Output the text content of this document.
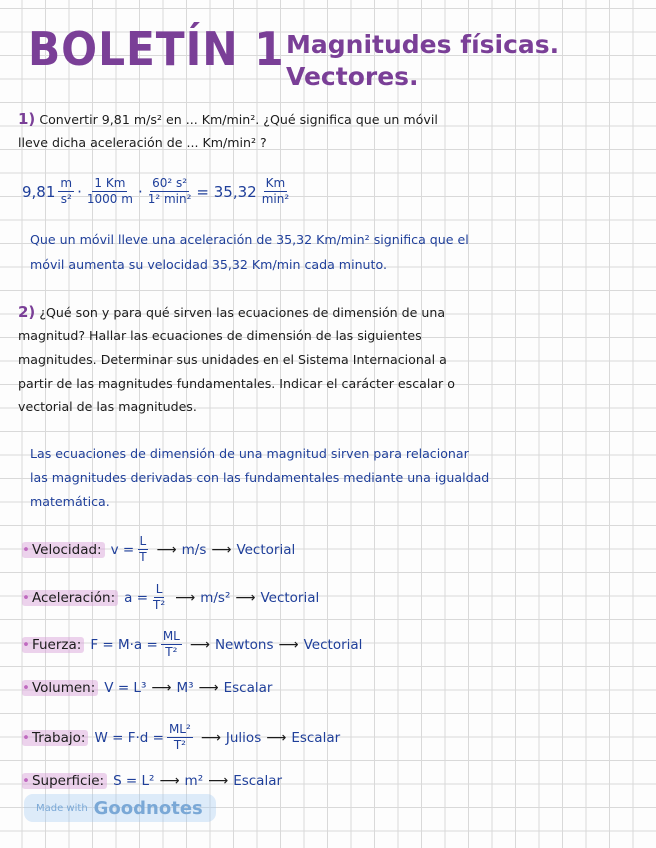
BOLETÍN 1 Magnitudes físicas.
Vectores.
1) Convertir 9,81 m/s² en ... Km/min². ¿Qué significa que un móvil
lleve dicha aceleración de ... Km/min² ?
$9,81 \frac{m}{\text{s²}} \cdot \frac{1 Km}{1000 m} \cdot \frac{\text{60² s²}}{\text{1² min²}} = 35,32 \frac{Km}{\text{min²}}$
Que un móvil lleve una aceleración de 35,32 Km/min² significa que el
móvil aumenta su velocidad 35,32 Km/min cada minuto.
2) ¿Qué son y para qué sirven las ecuaciones de dimensión de una
magnitud? Hallar las ecuaciones de dimensión de las siguientes
magnitudes. Determinar sus unidades en el Sistema Internacional a
partir de las magnitudes fundamentales. Indicar el carácter escalar o
vectorial de las magnitudes.
Las ecuaciones de dimensión de una magnitud sirven para relacionar
las magnitudes derivadas con las fundamentales mediante una igualdad
matemática.
• Velocidad: $v = \frac{L}{T}$ ⟶ m/s ⟶ Vectorial
• Aceleración: $a = \frac{L}{\text{T²}}$ ⟶ m/s² ⟶ Vectorial
• Fuerza: $F = M\cdot a = \frac{ML}{\text{T²}}$ ⟶ Newtons ⟶ Vectorial
• Volumen: V = L³ ⟶ M³ ⟶ Escalar
• Trabajo: $W = F\cdot d = \frac{\text{ML²}}{\text{T²}}$ ⟶ Julios ⟶ Escalar
• Superficie: S = L² ⟶ m² ⟶ Escalar
Made with Goodnotes
